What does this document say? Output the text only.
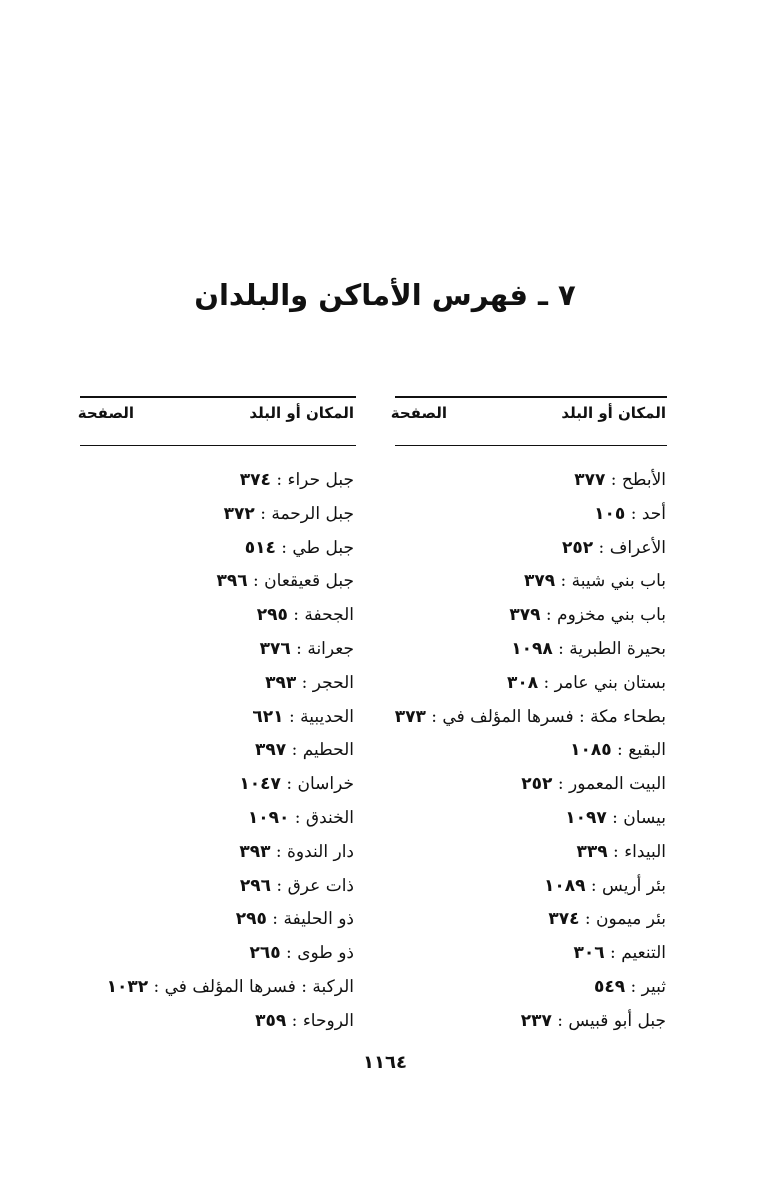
٧ ـ فهرس الأماكن والبلدان
المكان أو البلد
الصفحة
الأبطح : ٣٧٧
أحد : ١٠٥
الأعراف : ٢٥٢
باب بني شيبة : ٣٧٩
باب بني مخزوم : ٣٧٩
بحيرة الطبرية : ١٠٩٨
بستان بني عامر : ٣٠٨
بطحاء مكة : فسرها المؤلف في : ٣٧٣
البقيع : ١٠٨٥
البيت المعمور : ٢٥٢
بيسان : ١٠٩٧
البيداء : ٣٣٩
بئر أريس : ١٠٨٩
بئر ميمون : ٣٧٤
التنعيم : ٣٠٦
ثبير : ٥٤٩
جبل أبو قبيس : ٢٣٧
المكان أو البلد
الصفحة
جبل حراء : ٣٧٤
جبل الرحمة : ٣٧٢
جبل طي : ٥١٤
جبل قعيقعان : ٣٩٦
الجحفة : ٢٩٥
جعرانة : ٣٧٦
الحجر : ٣٩٣
الحديبية : ٦٢١
الحطيم : ٣٩٧
خراسان : ١٠٤٧
الخندق : ١٠٩٠
دار الندوة : ٣٩٣
ذات عرق : ٢٩٦
ذو الحليفة : ٢٩٥
ذو طوى : ٢٦٥
الركبة : فسرها المؤلف في : ١٠٣٢
الروحاء : ٣٥٩
١١٦٤
